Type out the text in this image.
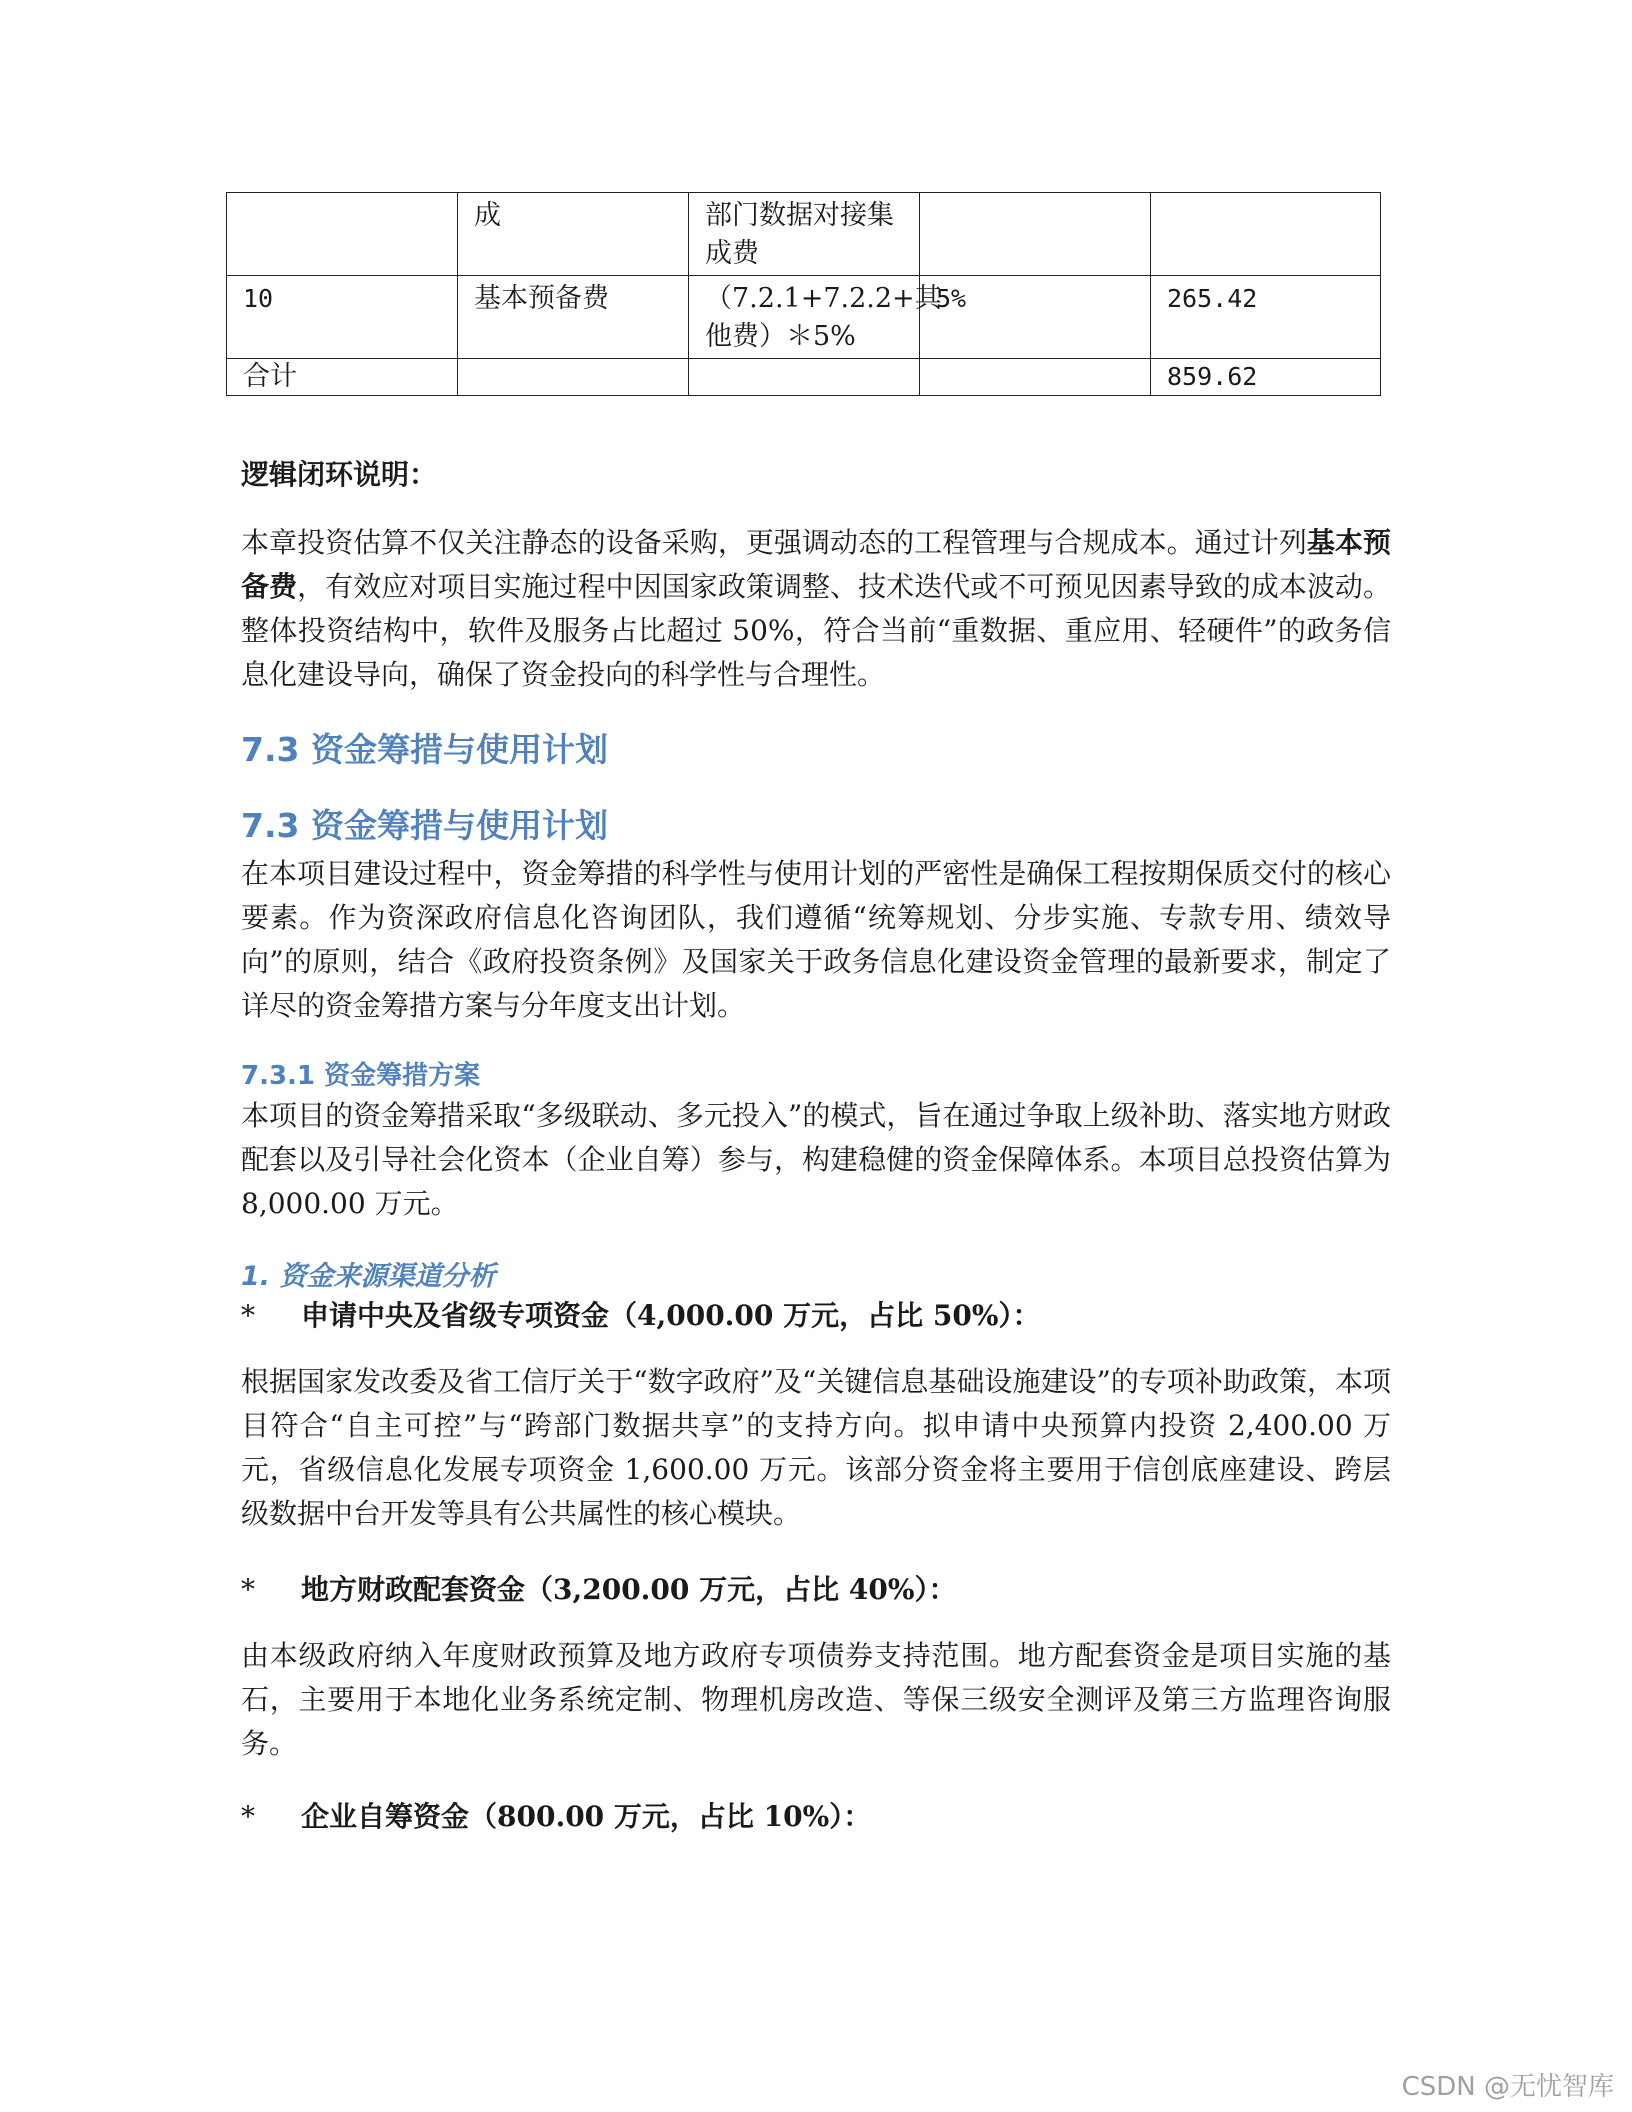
	成	部门数据对接集成费		
10	基本预备费	（7.2.1+7.2.2+其他费）＊5%	5%	265.42
合计				859.62
逻辑闭环说明：
本章投资估算不仅关注静态的设备采购，更强调动态的工程管理与合规成本。通过计列基本预备费，有效应对项目实施过程中因国家政策调整、技术迭代或不可预见因素导致的成本波动。整体投资结构中，软件及服务占比超过 50%，符合当前“重数据、重应用、轻硬件”的政务信息化建设导向，确保了资金投向的科学性与合理性。
7.3 资金筹措与使用计划
7.3 资金筹措与使用计划
在本项目建设过程中，资金筹措的科学性与使用计划的严密性是确保工程按期保质交付的核心要素。作为资深政府信息化咨询团队，我们遵循“统筹规划、分步实施、专款专用、绩效导向”的原则，结合《政府投资条例》及国家关于政务信息化建设资金管理的最新要求，制定了详尽的资金筹措方案与分年度支出计划。
7.3.1 资金筹措方案
本项目的资金筹措采取“多级联动、多元投入”的模式，旨在通过争取上级补助、落实地方财政配套以及引导社会化资本（企业自筹）参与，构建稳健的资金保障体系。本项目总投资估算为 8,000.00 万元。
1. 资金来源渠道分析
* 申请中央及省级专项资金（4,000.00 万元，占比 50%）：
根据国家发改委及省工信厅关于“数字政府”及“关键信息基础设施建设”的专项补助政策，本项目符合“自主可控”与“跨部门数据共享”的支持方向。拟申请中央预算内投资 2,400.00 万元，省级信息化发展专项资金 1,600.00 万元。该部分资金将主要用于信创底座建设、跨层级数据中台开发等具有公共属性的核心模块。
* 地方财政配套资金（3,200.00 万元，占比 40%）：
由本级政府纳入年度财政预算及地方政府专项债券支持范围。地方配套资金是项目实施的基石，主要用于本地化业务系统定制、物理机房改造、等保三级安全测评及第三方监理咨询服务。
* 企业自筹资金（800.00 万元，占比 10%）：
CSDN @无忧智库
